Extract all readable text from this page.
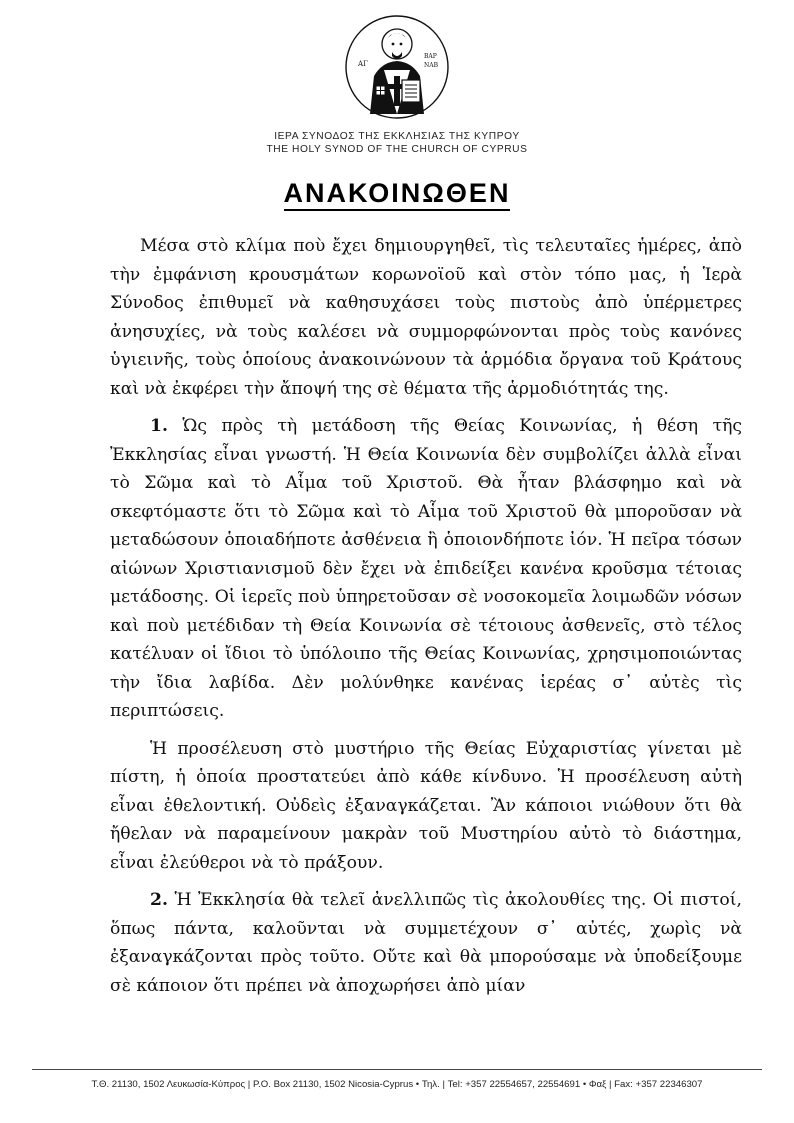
ΑΓ
ΒΑΡ
ΝΑΒ
ΙΕΡΑ ΣΥΝΟΔΟΣ ΤΗΣ ΕΚΚΛΗΣΙΑΣ ΤΗΣ ΚΥΠΡΟΥ
THE HOLY SYNOD OF THE CHURCH OF CYPRUS
ΑΝΑΚΟΙΝΩΘΕΝ

Μέσα στὸ κλίμα ποὺ ἔχει δημιουργηθεῖ, τὶς τελευταῖες ἡμέρες, ἀπὸ τὴν ἐμφάνιση κρουσμάτων κορωνοϊοῦ καὶ στὸν τόπο μας, ἡ Ἱερὰ Σύνοδος ἐπιθυμεῖ νὰ καθησυχάσει τοὺς πιστοὺς ἀπὸ ὑπέρμετρες ἀνησυχίες, νὰ τοὺς καλέσει νὰ συμμορφώνονται πρὸς τοὺς κανόνες ὑγιεινῆς, τοὺς ὁποίους ἀνακοινώνουν τὰ ἁρμόδια ὄργανα τοῦ Κράτους καὶ νὰ ἐκφέρει τὴν ἄποψή της σὲ θέματα τῆς ἁρμοδιότητάς της.

1. Ὡς πρὸς τὴ μετάδοση τῆς Θείας Κοινωνίας, ἡ θέση τῆς Ἐκκλησίας εἶναι γνωστή. Ἡ Θεία Κοινωνία δὲν συμβολίζει ἀλλὰ εἶναι τὸ Σῶμα καὶ τὸ Αἷμα τοῦ Χριστοῦ. Θὰ ἦταν βλάσφημο καὶ νὰ σκεφτόμαστε ὅτι τὸ Σῶμα καὶ τὸ Αἷμα τοῦ Χριστοῦ θὰ μποροῦσαν νὰ μεταδώσουν ὁποιαδήποτε ἀσθένεια ἢ ὁποιονδήποτε ἰόν. Ἡ πεῖρα τόσων αἰώνων Χριστιανισμοῦ δὲν ἔχει νὰ ἐπιδείξει κανένα κροῦσμα τέτοιας μετάδοσης. Οἱ ἱερεῖς ποὺ ὑπηρετοῦσαν σὲ νοσοκομεῖα λοιμωδῶν νόσων καὶ ποὺ μετέδιδαν τὴ Θεία Κοινωνία σὲ τέτοιους ἀσθενεῖς, στὸ τέλος κατέλυαν οἱ ἴδιοι τὸ ὑπόλοιπο τῆς Θείας Κοινωνίας, χρησιμοποιώντας τὴν ἴδια λαβίδα. Δὲν μολύνθηκε κανένας ἱερέας σ᾽ αὐτὲς τὶς περιπτώσεις.

Ἡ προσέλευση στὸ μυστήριο τῆς Θείας Εὐχαριστίας γίνεται μὲ πίστη, ἡ ὁποία προστατεύει ἀπὸ κάθε κίνδυνο. Ἡ προσέλευση αὐτὴ εἶναι ἐθελοντική. Οὐδεὶς ἐξαναγκάζεται. Ἂν κάποιοι νιώθουν ὅτι θὰ ἤθελαν νὰ παραμείνουν μακρὰν τοῦ Μυστηρίου αὐτὸ τὸ διάστημα, εἶναι ἐλεύθεροι νὰ τὸ πράξουν.

2. Ἡ Ἐκκλησία θὰ τελεῖ ἀνελλιπῶς τὶς ἀκολουθίες της. Οἱ πιστοί, ὅπως πάντα, καλοῦνται νὰ συμμετέχουν σ᾽ αὐτές, χωρὶς νὰ ἐξαναγκάζονται πρὸς τοῦτο. Οὔτε καὶ θὰ μπορούσαμε νὰ ὑποδείξουμε σὲ κάποιον ὅτι πρέπει νὰ ἀποχωρήσει ἀπὸ μίαν

Τ.Θ. 21130, 1502 Λευκωσία-Κύπρος | P.O. Box 21130, 1502 Nicosia-Cyprus • Τηλ. | Tel: +357 22554657, 22554691 • Φαξ | Fax: +357 22346307
